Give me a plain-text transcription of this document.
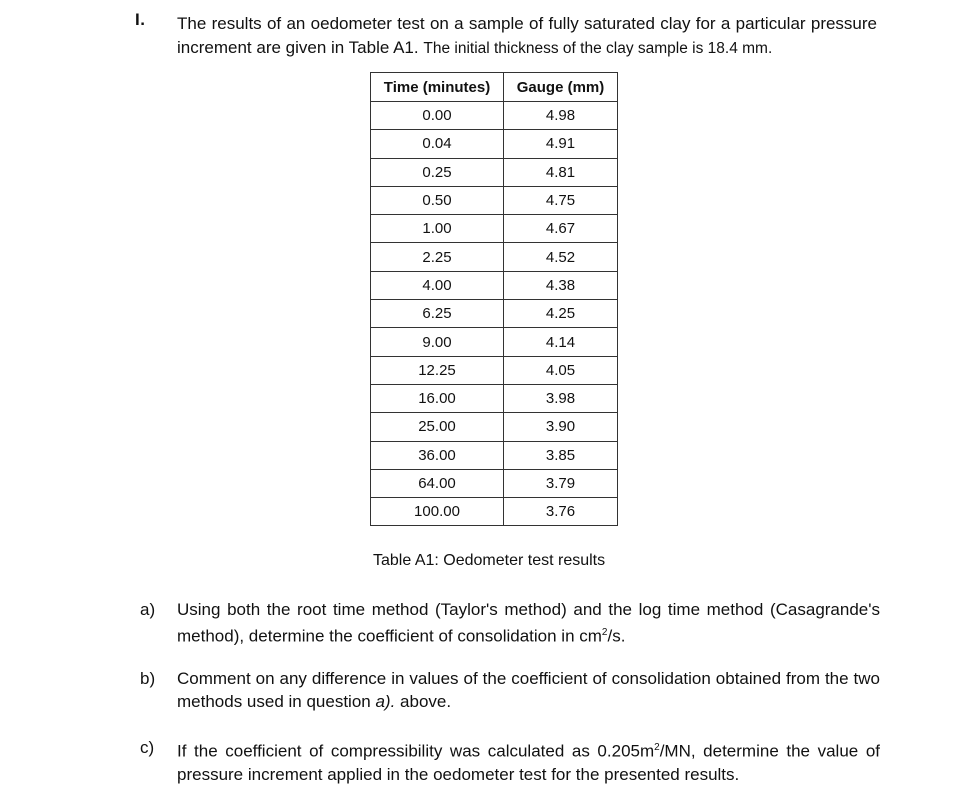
I. The results of an oedometer test on a sample of fully saturated clay for a particular pressure increment are given in Table A1. The initial thickness of the clay sample is 18.4 mm.
Time (minutes)	Gauge (mm)
0.00	4.98
0.04	4.91
0.25	4.81
0.50	4.75
1.00	4.67
2.25	4.52
4.00	4.38
6.25	4.25
9.00	4.14
12.25	4.05
16.00	3.98
25.00	3.90
36.00	3.85
64.00	3.79
100.00	3.76
Table A1: Oedometer test results
a) Using both the root time method (Taylor's method) and the log time method (Casagrande's method), determine the coefficient of consolidation in $cm^2/s$.
b) Comment on any difference in values of the coefficient of consolidation obtained from the two methods used in question a). above.
c) If the coefficient of compressibility was calculated as $0.205m^2/MN$, determine the value of pressure increment applied in the oedometer test for the presented results.
